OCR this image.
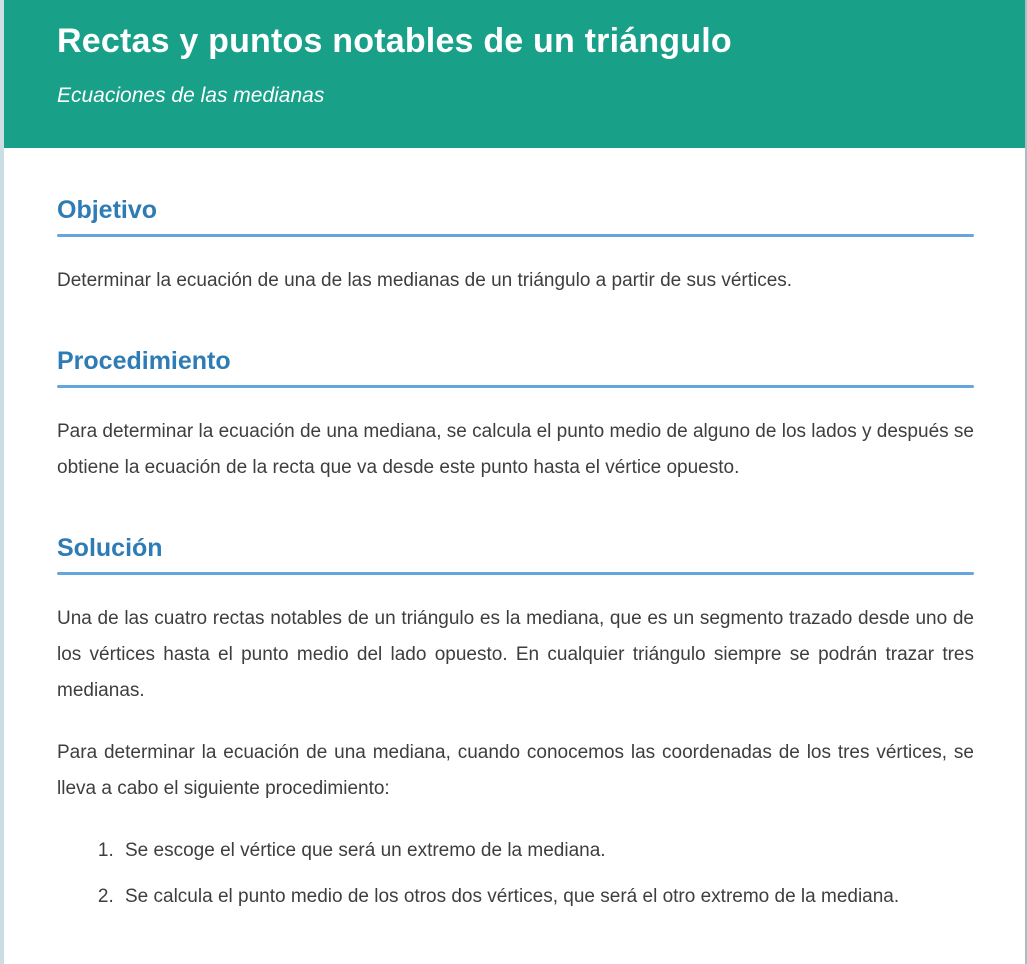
Rectas y puntos notables de un triángulo

Ecuaciones de las medianas

Objetivo

Determinar la ecuación de una de las medianas de un triángulo a partir de sus vértices.

Procedimiento

Para determinar la ecuación de una mediana, se calcula el punto medio de alguno de los lados y después se obtiene la ecuación de la recta que va desde este punto hasta el vértice opuesto.

Solución

Una de las cuatro rectas notables de un triángulo es la mediana, que es un segmento trazado desde uno de los vértices hasta el punto medio del lado opuesto. En cualquier triángulo siempre se podrán trazar tres medianas.

Para determinar la ecuación de una mediana, cuando conocemos las coordenadas de los tres vértices, se lleva a cabo el siguiente procedimiento:

1. Se escoge el vértice que será un extremo de la mediana.
2. Se calcula el punto medio de los otros dos vértices, que será el otro extremo de la mediana.
